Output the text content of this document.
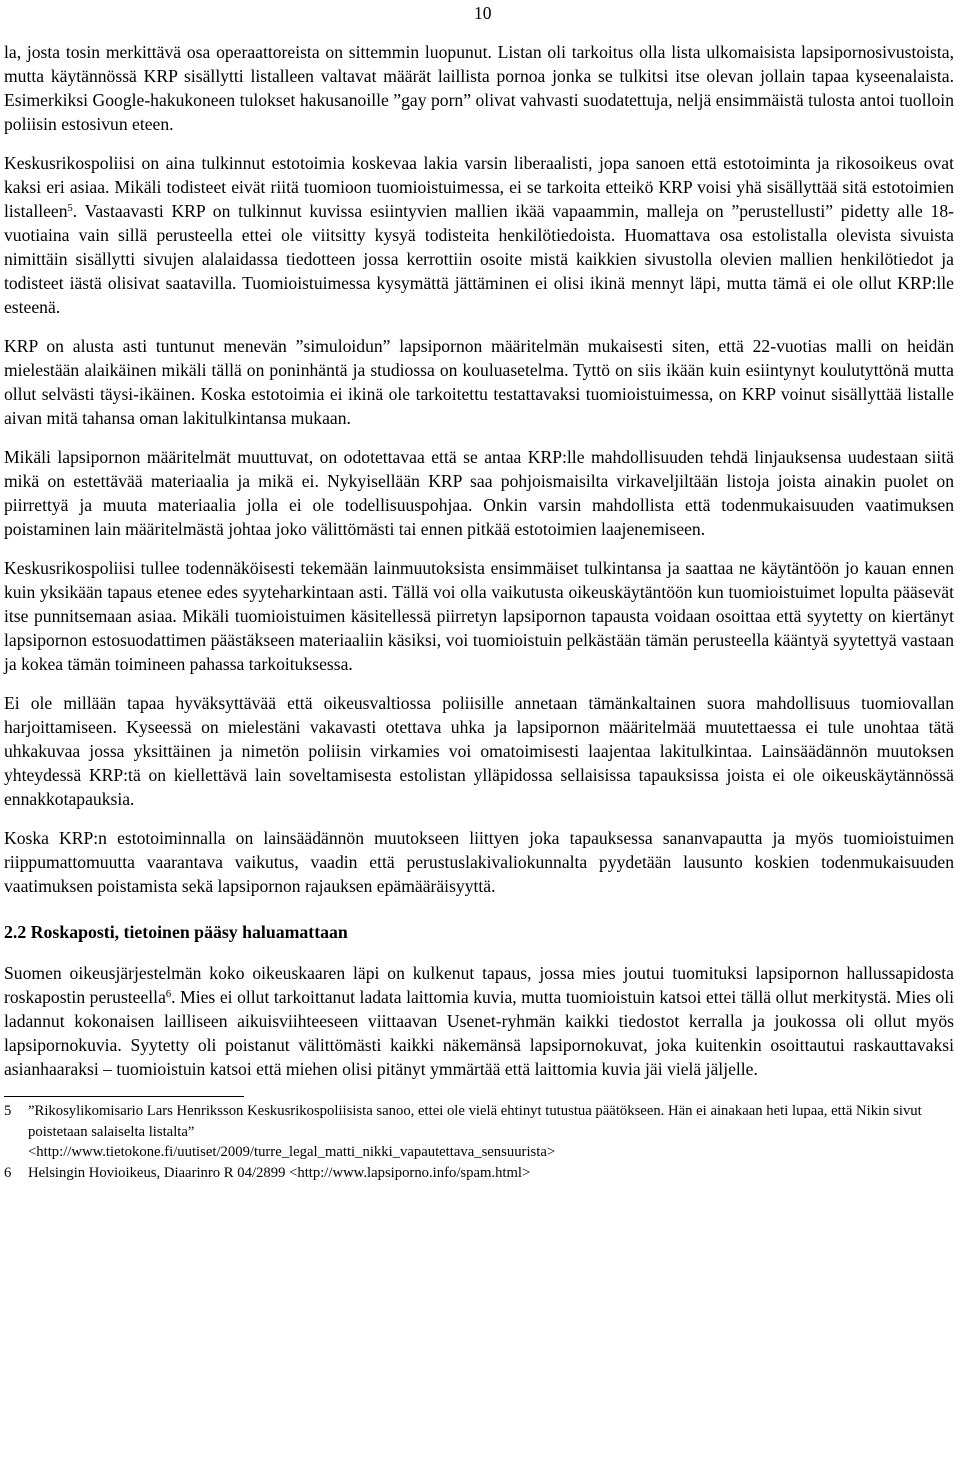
10

la, josta tosin merkittävä osa operaattoreista on sittemmin luopunut. Listan oli tarkoitus olla lista ulkomaisista lapsipornosivustoista, mutta käytännössä KRP sisällytti listalleen valtavat määrät laillista pornoa jonka se tulkitsi itse olevan jollain tapaa kyseenalaista. Esimerkiksi Google-hakukoneen tulokset hakusanoille ”gay porn” olivat vahvasti suodatettuja, neljä ensimmäistä tulosta antoi tuolloin poliisin estosivun eteen.

Keskusrikospoliisi on aina tulkinnut estotoimia koskevaa lakia varsin liberaalisti, jopa sanoen että estotoiminta ja rikosoikeus ovat kaksi eri asiaa. Mikäli todisteet eivät riitä tuomioon tuomioistuimessa, ei se tarkoita etteikö KRP voisi yhä sisällyttää sitä estotoimien listalleen$^5$. Vastaavasti KRP on tulkinnut kuvissa esiintyvien mallien ikää vapaammin, malleja on ”perustellusti” pidetty alle 18-vuotiaina vain sillä perusteella ettei ole viitsitty kysyä todisteita henkilötiedoista. Huomattava osa estolistalla olevista sivuista nimittäin sisällytti sivujen alalaidassa tiedotteen jossa kerrottiin osoite mistä kaikkien sivustolla olevien mallien henkilötiedot ja todisteet iästä olisivat saatavilla. Tuomioistuimessa kysymättä jättäminen ei olisi ikinä mennyt läpi, mutta tämä ei ole ollut KRP:lle esteenä.

KRP on alusta asti tuntunut menevän ”simuloidun” lapsipornon määritelmän mukaisesti siten, että 22-vuotias malli on heidän mielestään alaikäinen mikäli tällä on poninhäntä ja studiossa on kouluasetelma. Tyttö on siis ikään kuin esiintynyt koulutyttönä mutta ollut selvästi täysi-ikäinen. Koska estotoimia ei ikinä ole tarkoitettu testattavaksi tuomioistuimessa, on KRP voinut sisällyttää listalle aivan mitä tahansa oman lakitulkintansa mukaan.

Mikäli lapsipornon määritelmät muuttuvat, on odotettavaa että se antaa KRP:lle mahdollisuuden tehdä linjauksensa uudestaan siitä mikä on estettävää materiaalia ja mikä ei. Nykyisellään KRP saa pohjoismaisilta virkaveljiltään listoja joista ainakin puolet on piirrettyä ja muuta materiaalia jolla ei ole todellisuuspohjaa. Onkin varsin mahdollista että todenmukaisuuden vaatimuksen poistaminen lain määritelmästä johtaa joko välittömästi tai ennen pitkää estotoimien laajenemiseen.

Keskusrikospoliisi tullee todennäköisesti tekemään lainmuutoksista ensimmäiset tulkintansa ja saattaa ne käytäntöön jo kauan ennen kuin yksikään tapaus etenee edes syyteharkintaan asti. Tällä voi olla vaikutusta oikeuskäytäntöön kun tuomioistuimet lopulta pääsevät itse punnitsemaan asiaa. Mikäli tuomioistuimen käsitellessä piirretyn lapsipornon tapausta voidaan osoittaa että syytetty on kiertänyt lapsipornon estosuodattimen päästäkseen materiaaliin käsiksi, voi tuomioistuin pelkästään tämän perusteella kääntyä syytettyä vastaan ja kokea tämän toimineen pahassa tarkoituksessa.

Ei ole millään tapaa hyväksyttävää että oikeusvaltiossa poliisille annetaan tämänkaltainen suora mahdollisuus tuomiovallan harjoittamiseen. Kyseessä on mielestäni vakavasti otettava uhka ja lapsipornon määritelmää muutettaessa ei tule unohtaa tätä uhkakuvaa jossa yksittäinen ja nimetön poliisin virkamies voi omatoimisesti laajentaa lakitulkintaa. Lainsäädännön muutoksen yhteydessä KRP:tä on kiellettävä lain soveltamisesta estolistan ylläpidossa sellaisissa tapauksissa joista ei ole oikeuskäytännössä ennakkotapauksia.

Koska KRP:n estotoiminnalla on lainsäädännön muutokseen liittyen joka tapauksessa sananvapautta ja myös tuomioistuimen riippumattomuutta vaarantava vaikutus, vaadin että perustuslakivaliokunnalta pyydetään lausunto koskien todenmukaisuuden vaatimuksen poistamista sekä lapsipornon rajauksen epämääräisyyttä.

2.2 Roskaposti, tietoinen pääsy haluamattaan

Suomen oikeusjärjestelmän koko oikeuskaaren läpi on kulkenut tapaus, jossa mies joutui tuomituksi lapsipornon hallussapidosta roskapostin perusteella$^6$. Mies ei ollut tarkoittanut ladata laittomia kuvia, mutta tuomioistuin katsoi ettei tällä ollut merkitystä. Mies oli ladannut kokonaisen lailliseen aikuisviihteeseen viittaavan Usenet-ryhmän kaikki tiedostot kerralla ja joukossa oli ollut myös lapsipornokuvia. Syytetty oli poistanut välittömästi kaikki näkemänsä lapsipornokuvat, joka kuitenkin osoittautui raskauttavaksi asianhaaraksi – tuomioistuin katsoi että miehen olisi pitänyt ymmärtää että laittomia kuvia jäi vielä jäljelle.

5	”Rikosylikomisario Lars Henriksson Keskusrikospoliisista sanoo, ettei ole vielä ehtinyt tutustua päätökseen. Hän ei ainakaan heti lupaa, että Nikin sivut poistetaan salaiselta listalta”
<http://www.tietokone.fi/uutiset/2009/turre_legal_matti_nikki_vapautettava_sensuurista>
6	Helsingin Hovioikeus, Diaarinro R 04/2899 <http://www.lapsiporno.info/spam.html>
